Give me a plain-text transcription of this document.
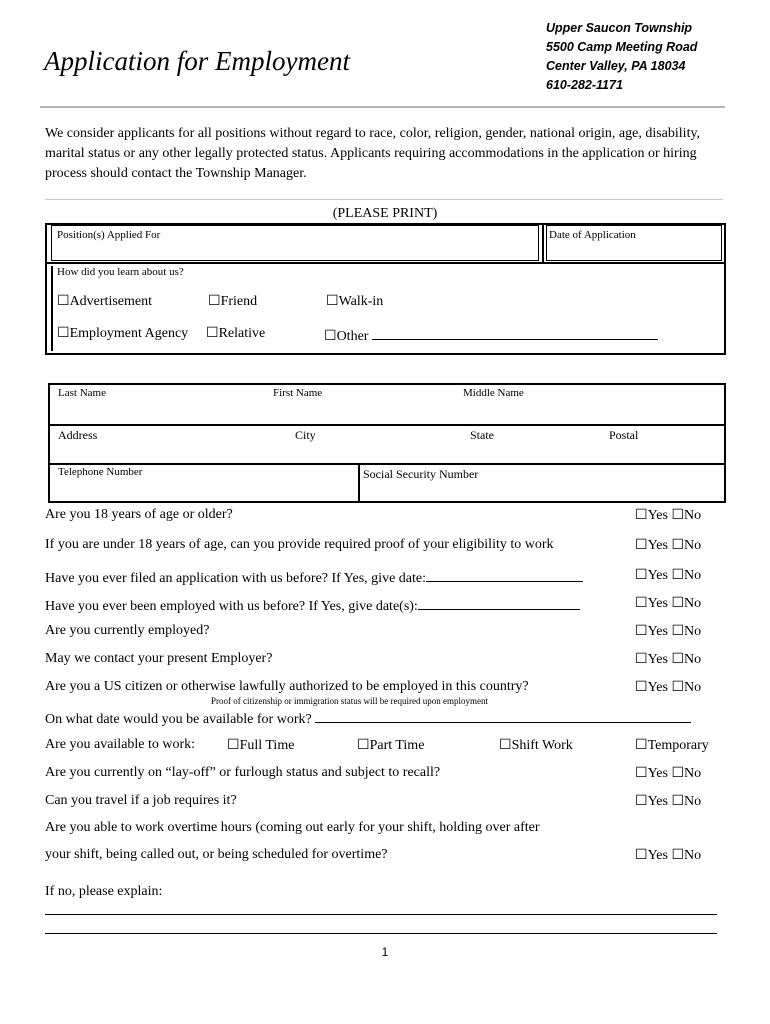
Application for Employment
Upper Saucon Township
5500 Camp Meeting Road
Center Valley, PA 18034
610-282-1171
We consider applicants for all positions without regard to race, color, religion, gender, national origin, age, disability, marital status or any other legally protected status. Applicants requiring accommodations in the application or hiring process should contact the Township Manager.
(PLEASE PRINT)
Position(s) Applied For	Date of Application
How did you learn about us?
☐Advertisement	☐Friend	☐Walk-in
☐Employment Agency ☐Relative	☐Other
Last Name	First Name	Middle Name
Address	City	State	Postal
Telephone Number	Social Security Number
Are you 18 years of age or older?	☐Yes ☐No
If you are under 18 years of age, can you provide required proof of your eligibility to work	☐Yes ☐No
Have you ever filed an application with us before? If Yes, give date:	☐Yes ☐No
Have you ever been employed with us before? If Yes, give date(s):	☐Yes ☐No
Are you currently employed?	☐Yes ☐No
May we contact your present Employer?	☐Yes ☐No
Are you a US citizen or otherwise lawfully authorized to be employed in this country?	☐Yes ☐No
Proof of citizenship or immigration status will be required upon employment
On what date would you be available for work?
Are you available to work: ☐Full Time	☐Part Time	☐Shift Work	☐Temporary
Are you currently on “lay-off” or furlough status and subject to recall?	☐Yes ☐No
Can you travel if a job requires it?	☐Yes ☐No
Are you able to work overtime hours (coming out early for your shift, holding over after
your shift, being called out, or being scheduled for overtime?	☐Yes ☐No
If no, please explain:
1
